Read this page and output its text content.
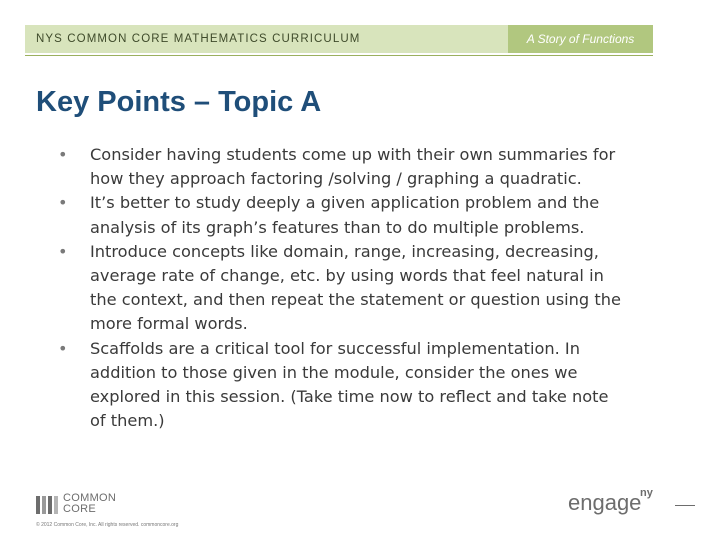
NYS COMMON CORE MATHEMATICS CURRICULUM	A Story of Functions
Key Points – Topic A
•	Consider having students come up with their own summaries for
how they approach factoring /solving / graphing a quadratic.
•	It’s better to study deeply a given application problem and the
analysis of its graph’s features than to do multiple problems.
•	Introduce concepts like domain, range, increasing, decreasing,
average rate of change, etc. by using words that feel natural in
the context, and then repeat the statement or question using the
more formal words.
•	Scaffolds are a critical tool for successful implementation. In
addition to those given in the module, consider the ones we
explored in this session. (Take time now to reflect and take note
of them.)
COMMON
CORE
© 2012 Common Core, Inc. All rights reserved. commoncore.org
engage
ny
